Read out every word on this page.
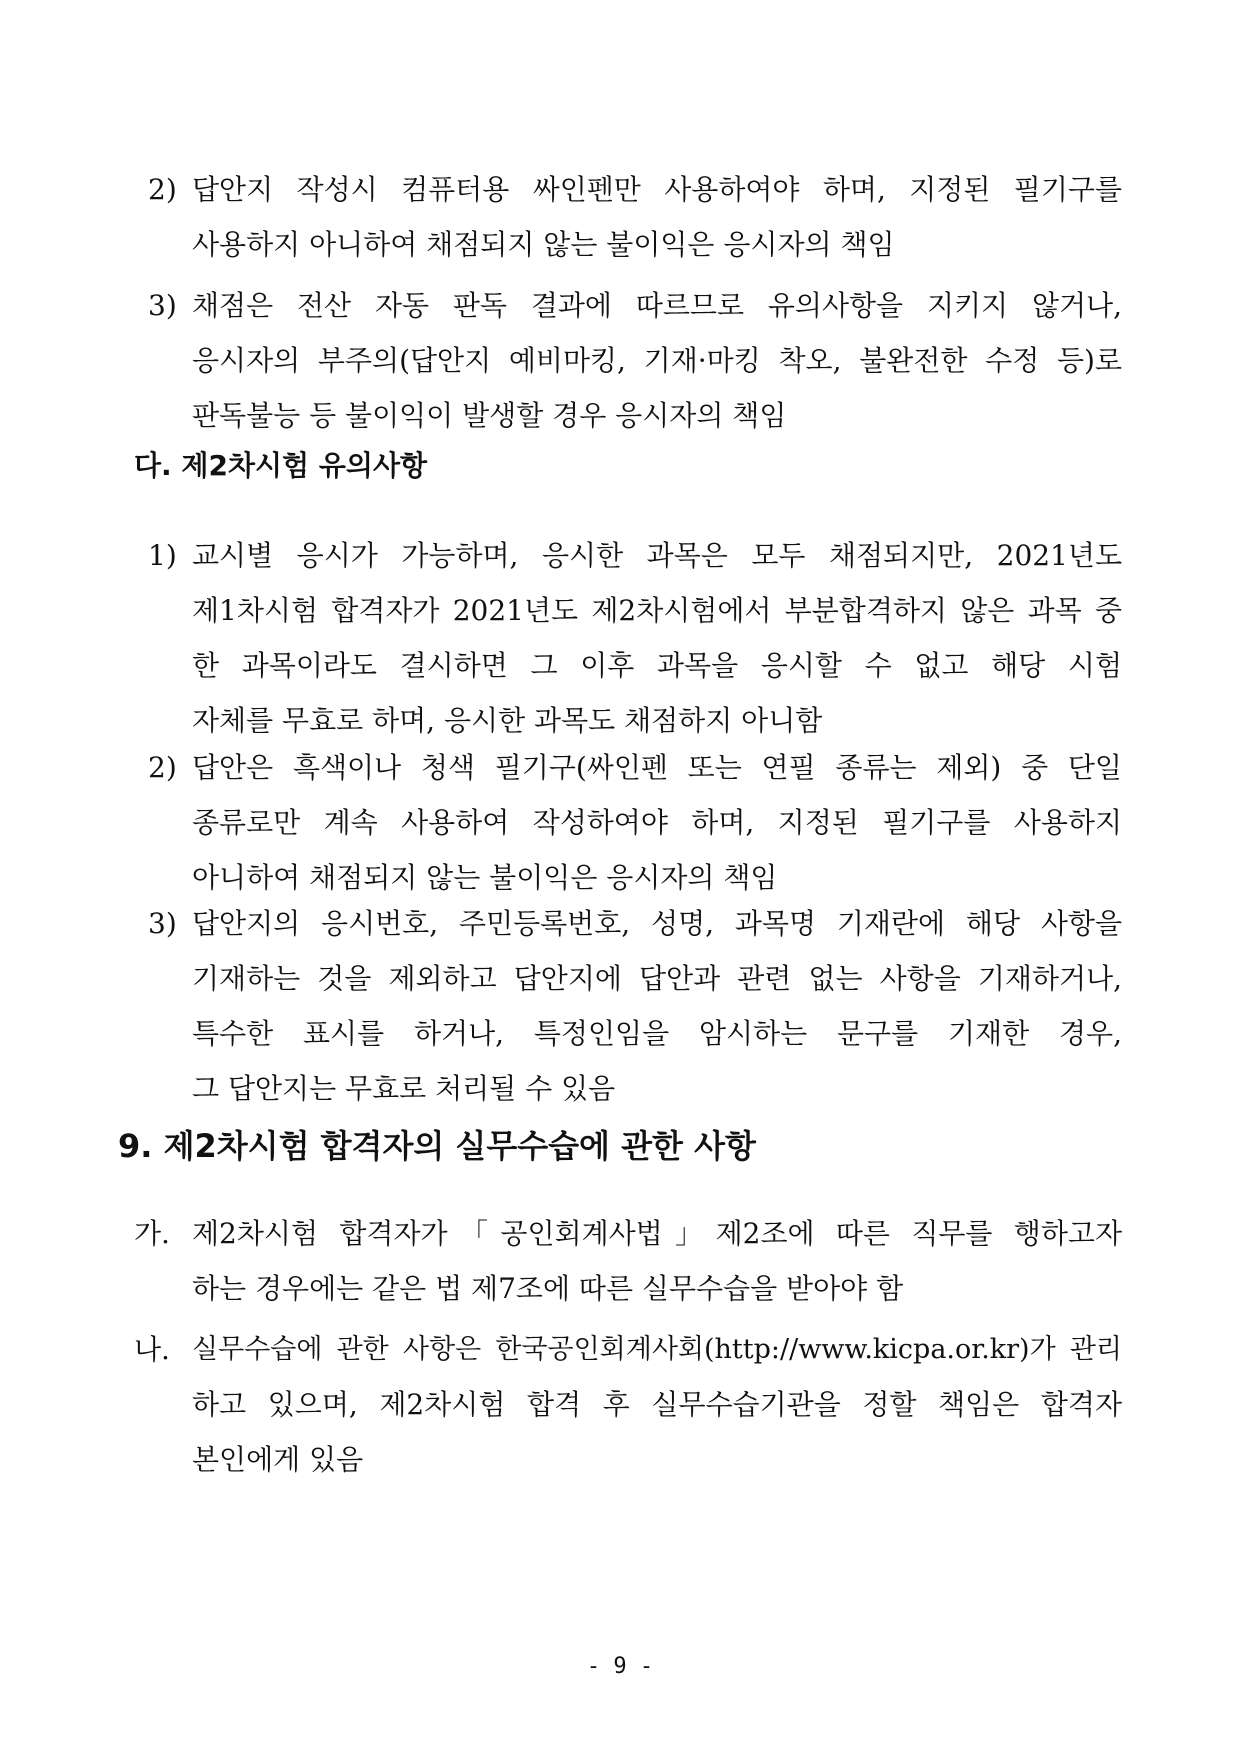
2) 답안지 작성시 컴퓨터용 싸인펜만 사용하여야 하며, 지정된 필기구를
사용하지 아니하여 채점되지 않는 불이익은 응시자의 책임
3) 채점은 전산 자동 판독 결과에 따르므로 유의사항을 지키지 않거나,
응시자의 부주의(답안지 예비마킹, 기재·마킹 착오, 불완전한 수정 등)로
판독불능 등 불이익이 발생할 경우 응시자의 책임
다. 제2차시험 유의사항
1) 교시별 응시가 가능하며, 응시한 과목은 모두 채점되지만, 2021년도
제1차시험 합격자가 2021년도 제2차시험에서 부분합격하지 않은 과목 중
한 과목이라도 결시하면 그 이후 과목을 응시할 수 없고 해당 시험
자체를 무효로 하며, 응시한 과목도 채점하지 아니함
2) 답안은 흑색이나 청색 필기구(싸인펜 또는 연필 종류는 제외) 중 단일
종류로만 계속 사용하여 작성하여야 하며, 지정된 필기구를 사용하지
아니하여 채점되지 않는 불이익은 응시자의 책임
3) 답안지의 응시번호, 주민등록번호, 성명, 과목명 기재란에 해당 사항을
기재하는 것을 제외하고 답안지에 답안과 관련 없는 사항을 기재하거나,
특수한 표시를 하거나, 특정인임을 암시하는 문구를 기재한 경우,
그 답안지는 무효로 처리될 수 있음
9. 제2차시험 합격자의 실무수습에 관한 사항
가. 제2차시험 합격자가「공인회계사법」제2조에 따른 직무를 행하고자
하는 경우에는 같은 법 제7조에 따른 실무수습을 받아야 함
나. 실무수습에 관한 사항은 한국공인회계사회(http://www.kicpa.or.kr)가 관리
하고 있으며, 제2차시험 합격 후 실무수습기관을 정할 책임은 합격자
본인에게 있음
- 9 -
